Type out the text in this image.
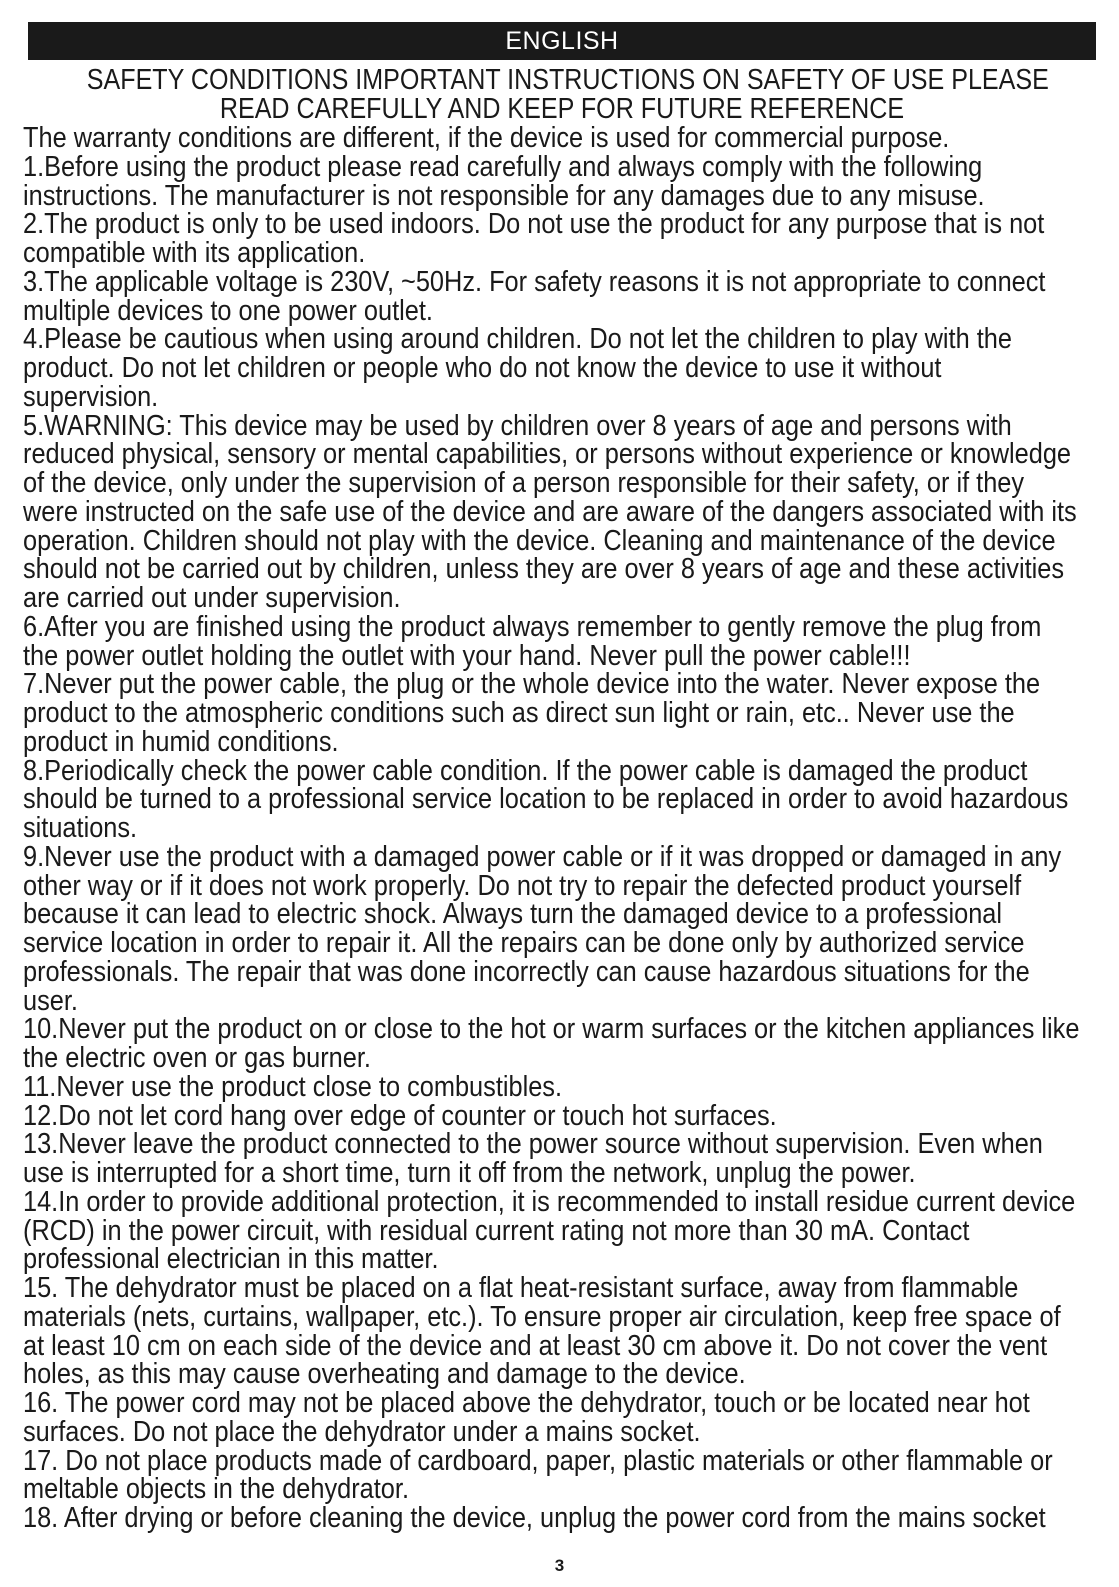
ENGLISH
SAFETY CONDITIONS IMPORTANT INSTRUCTIONS ON SAFETY OF USE PLEASE
READ CAREFULLY AND KEEP FOR FUTURE REFERENCE

The warranty conditions are different, if the device is used for commercial purpose.

1.Before using the product please read carefully and always comply with the following instructions. The manufacturer is not responsible for any damages due to any misuse.

2.The product is only to be used indoors. Do not use the product for any purpose that is not compatible with its application.

3.The applicable voltage is 230V, ~50Hz. For safety reasons it is not appropriate to connect multiple devices to one power outlet.

4.Please be cautious when using around children. Do not let the children to play with the product. Do not let children or people who do not know the device to use it without supervision.

5.WARNING: This device may be used by children over 8 years of age and persons with reduced physical, sensory or mental capabilities, or persons without experience or knowledge of the device, only under the supervision of a person responsible for their safety, or if they were instructed on the safe use of the device and are aware of the dangers associated with its operation. Children should not play with the device. Cleaning and maintenance of the device should not be carried out by children, unless they are over 8 years of age and these activities are carried out under supervision.

6.After you are finished using the product always remember to gently remove the plug from the power outlet holding the outlet with your hand. Never pull the power cable!!!

7.Never put the power cable, the plug or the whole device into the water. Never expose the product to the atmospheric conditions such as direct sun light or rain, etc.. Never use the product in humid conditions.

8.Periodically check the power cable condition. If the power cable is damaged the product should be turned to a professional service location to be replaced in order to avoid hazardous situations.

9.Never use the product with a damaged power cable or if it was dropped or damaged in any other way or if it does not work properly. Do not try to repair the defected product yourself because it can lead to electric shock. Always turn the damaged device to a professional service location in order to repair it. All the repairs can be done only by authorized service professionals. The repair that was done incorrectly can cause hazardous situations for the user.

10.Never put the product on or close to the hot or warm surfaces or the kitchen appliances like the electric oven or gas burner.

11.Never use the product close to combustibles.

12.Do not let cord hang over edge of counter or touch hot surfaces.

13.Never leave the product connected to the power source without supervision. Even when use is interrupted for a short time, turn it off from the network, unplug the power.

14.In order to provide additional protection, it is recommended to install residue current device (RCD) in the power circuit, with residual current rating not more than 30 mA. Contact professional electrician in this matter.

15. The dehydrator must be placed on a flat heat-resistant surface, away from flammable materials (nets, curtains, wallpaper, etc.). To ensure proper air circulation, keep free space of at least 10 cm on each side of the device and at least 30 cm above it. Do not cover the vent holes, as this may cause overheating and damage to the device.

16. The power cord may not be placed above the dehydrator, touch or be located near hot surfaces. Do not place the dehydrator under a mains socket.

17. Do not place products made of cardboard, paper, plastic materials or other flammable or meltable objects in the dehydrator.

18. After drying or before cleaning the device, unplug the power cord from the mains socket

3
